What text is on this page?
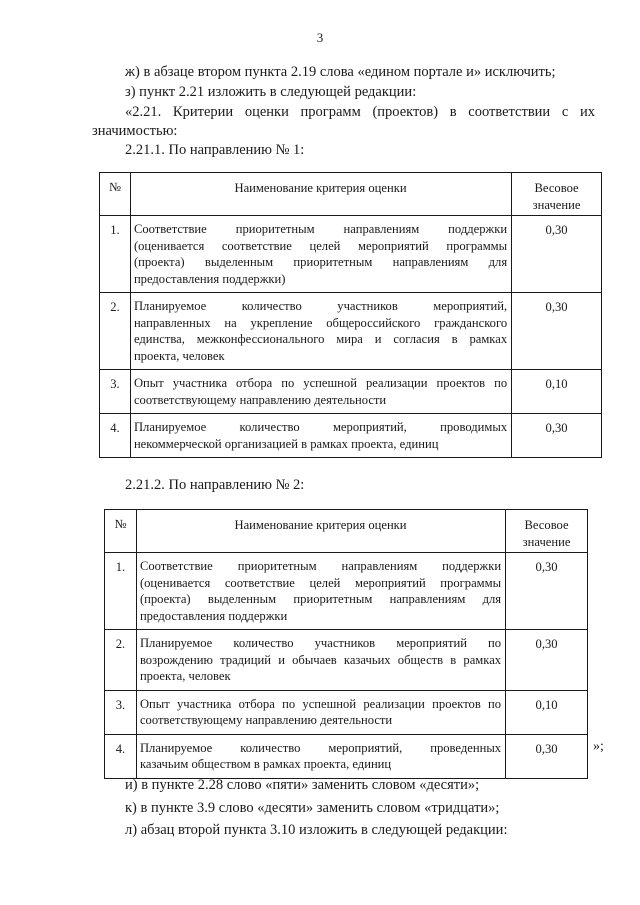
3
ж) в абзаце втором пункта 2.19 слова «едином портале и» исключить;
з) пункт 2.21 изложить в следующей редакции:
«2.21. Критерии оценки программ (проектов) в соответствии с их
значимостью:
2.21.1. По направлению № 1:
№	Наименование критерия оценки	Весовое
значение

1.	Соответствие приоритетным направлениям поддержки
(оценивается соответствие целей мероприятий программы
(проекта) выделенным приоритетным направлениям для
предоставления поддержки)	0,30

2.	Планируемое количество участников мероприятий,
направленных на укрепление общероссийского гражданского
единства, межконфессионального мира и согласия в рамках
проекта, человек	0,30

3.	Опыт участника отбора по успешной реализации проектов по
соответствующему направлению деятельности	0,10

4.	Планируемое количество мероприятий, проводимых
некоммерческой организацией в рамках проекта, единиц	0,30
2.21.2. По направлению № 2:
№	Наименование критерия оценки	Весовое
значение

1.	Соответствие приоритетным направлениям поддержки
(оценивается соответствие целей мероприятий программы
(проекта) выделенным приоритетным направлениям для
предоставления поддержки	0,30

2.	Планируемое количество участников мероприятий по
возрождению традиций и обычаев казачьих обществ в рамках
проекта, человек	0,30

3.	Опыт участника отбора по успешной реализации проектов по
соответствующему направлению деятельности	0,10

4.	Планируемое количество мероприятий, проведенных
казачьим обществом в рамках проекта, единиц	0,30	»;
и) в пункте 2.28 слово «пяти» заменить словом «десяти»;
к) в пункте 3.9 слово «десяти» заменить словом «тридцати»;
л) абзац второй пункта 3.10 изложить в следующей редакции:
